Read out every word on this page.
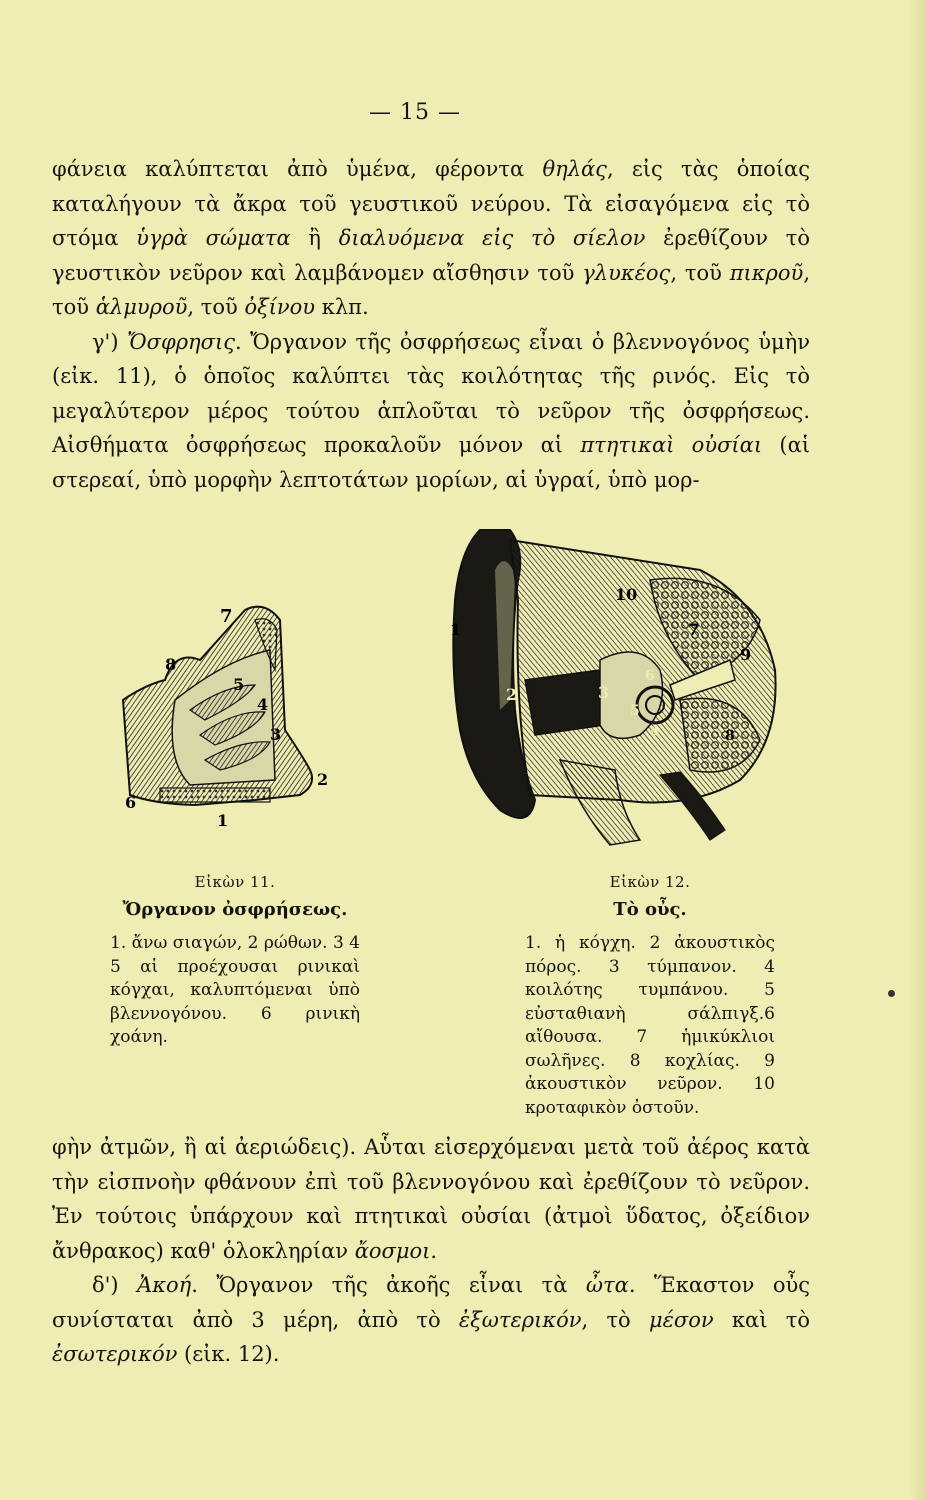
— 15 —

φάνεια καλύπτεται ἀπὸ ὑμένα, φέροντα θηλάς, εἰς τὰς ὁποίας καταλήγουν τὰ ἄκρα τοῦ γευστικοῦ νεύρου. Τὰ εἰσαγόμενα εἰς τὸ στόμα ὑγρὰ σώματα ἢ διαλυόμενα εἰς τὸ σίελον ἐρεθίζουν τὸ γευστικὸν νεῦρον καὶ λαμβάνομεν αἴσθησιν τοῦ γλυκέος, τοῦ πικροῦ, τοῦ ἁλμυροῦ, τοῦ ὀξίνου κλπ.
γ') Ὄσφρησις. Ὄργανον τῆς ὀσφρήσεως εἶναι ὁ βλεννογόνος ὑμὴν (εἰκ. 11), ὁ ὁποῖος καλύπτει τὰς κοιλότητας τῆς ρινός. Εἰς τὸ μεγαλύτερον μέρος τούτου ἁπλοῦται τὸ νεῦρον τῆς ὀσφρήσεως. Αἰσθήματα ὀσφρήσεως προκαλοῦν μόνον αἱ πτητικαὶ οὐσίαι (αἱ στερεαί, ὑπὸ μορφὴν λεπτοτάτων μορίων, αἱ ὑγραί, ὑπὸ μορ-

1
2
3
4
5
6
7
8
1
2	3
4
5
6
7
8
9
10
Εἰκὼν 11.
Ὄργανον ὀσφρήσεως.
1. ἄνω σιαγών, 2 ρώθων. 3 4 5 αἱ προέχουσαι ρινικαὶ κόγχαι, καλυπτόμεναι ὑπὸ βλεννογόνου. 6 ρινικὴ χοάνη.
Εἰκὼν 12.
Τὸ οὖς.
1. ἡ κόγχη. 2 ἀκουστικὸς πόρος. 3 τύμπανον. 4 κοιλότης τυμπάνου. 5 εὐσταθιανὴ σάλπιγξ.6 αἴθουσα. 7 ἡμικύκλιοι σωλῆνες. 8 κοχλίας. 9 ἀκουστικὸν νεῦρον. 10 κροταφικὸν ὀστοῦν.

φὴν ἀτμῶν, ἢ αἱ ἀεριώδεις). Αὗται εἰσερχόμεναι μετὰ τοῦ ἀέρος κατὰ τὴν εἰσπνοὴν φθάνουν ἐπὶ τοῦ βλεννογόνου καὶ ἐρεθίζουν τὸ νεῦρον. Ἐν τούτοις ὑπάρχουν καὶ πτητικαὶ οὐσίαι (ἀτμοὶ ὕδατος, ὀξείδιον ἄνθρακος) καθ' ὁλοκληρίαν ἄοσμοι.
δ') Ἀκοή. Ὄργανον τῆς ἀκοῆς εἶναι τὰ ὦτα. Ἕκαστον οὖς συνίσταται ἀπὸ 3 μέρη, ἀπὸ τὸ ἐξωτερικόν, τὸ μέσον καὶ τὸ ἐσωτερικόν (εἰκ. 12).
